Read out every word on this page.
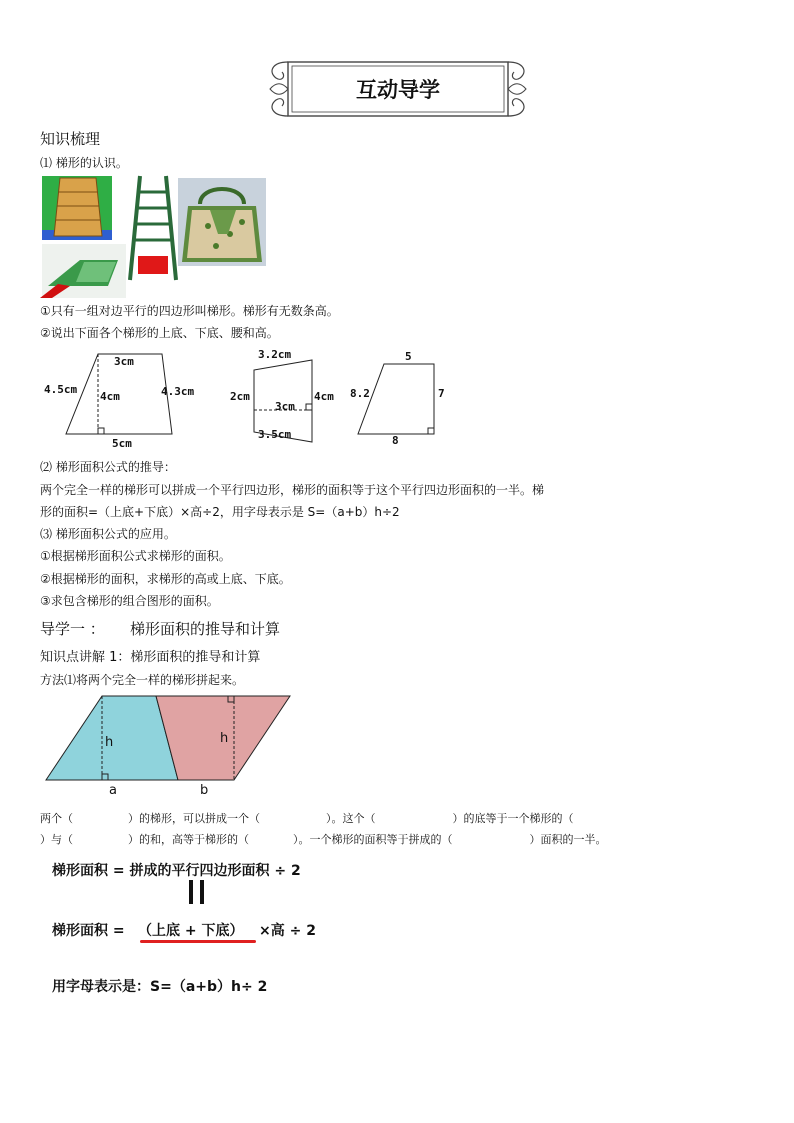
互动导学
知识梳理
⑴ 梯形的认识。
①只有一组对边平行的四边形叫梯形。梯形有无数条高。
②说出下面各个梯形的上底、下底、腰和高。
3cm
4.5cm
4cm	4.3cm
5cm
3.2cm
2cm	4cm
3cm
3.5cm
5
8.2	7
8
⑵ 梯形面积公式的推导：
两个完全一样的梯形可以拼成一个平行四边形，梯形的面积等于这个平行四边形面积的一半。梯
形的面积=（上底+下底）×高÷2，用字母表示是 S=（a+b）h÷2
⑶ 梯形面积公式的应用。
①根据梯形面积公式求梯形的面积。
②根据梯形的面积，求梯形的高或上底、下底。
③求包含梯形的组合图形的面积。
导学一 ： 梯形面积的推导和计算
知识点讲解 1：梯形面积的推导和计算
方法⑴将两个完全一样的梯形拼起来。
h	h
a	b
两个（　　　　　）的梯形，可以拼成一个（　　　　　　）。这个（　　　　　　　）的底等于一个梯形的（
）与（　　　　　）的和，高等于梯形的（　　　　）。一个梯形的面积等于拼成的（　　　　　　　）面积的一半。
梯形面积 = 拼成的平行四边形面积 ÷ 2
梯形面积 = （上底 + 下底） ×高 ÷ 2
用字母表示是：S=（a+b）h÷ 2
